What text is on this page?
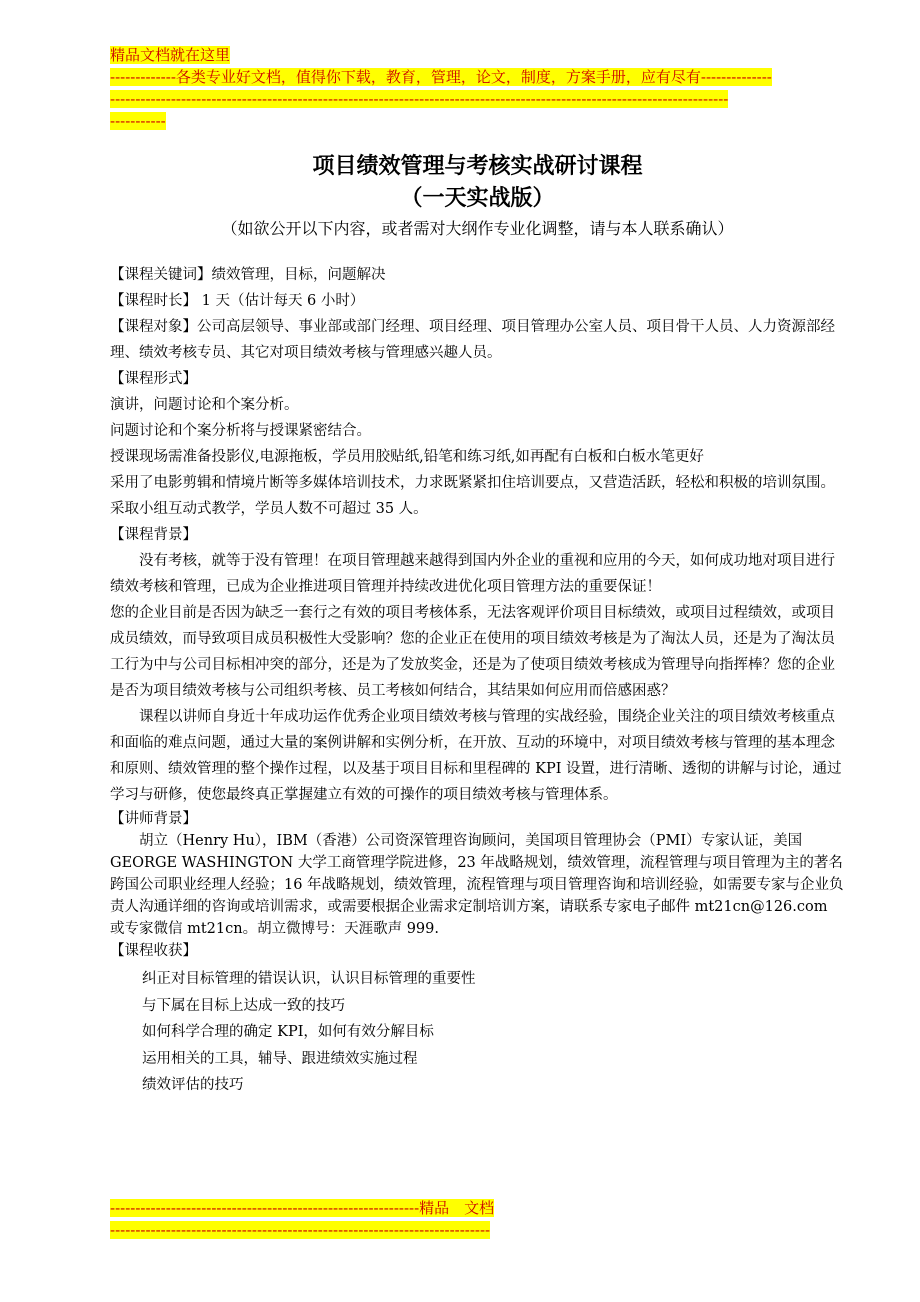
精品文档就在这里
-------------各类专业好文档，值得你下载，教育，管理，论文，制度，方案手册，应有尽有--------------
--------------------------------------------------------------------------------------------------------------------------
-----------
项目绩效管理与考核实战研讨课程
（一天实战版）
（如欲公开以下内容，或者需对大纲作专业化调整，请与本人联系确认）

【课程关键词】绩效管理，目标，问题解决

【课程时长】 1 天（估计每天 6 小时）

【课程对象】公司高层领导、事业部或部门经理、项目经理、项目管理办公室人员、项目骨干人员、人力资源部经理、绩效考核专员、其它对项目绩效考核与管理感兴趣人员。

【课程形式】

演讲，问题讨论和个案分析。

问题讨论和个案分析将与授课紧密结合。

授课现场需准备投影仪,电源拖板，学员用胶贴纸,铅笔和练习纸,如再配有白板和白板水笔更好

采用了电影剪辑和情境片断等多媒体培训技术，力求既紧紧扣住培训要点，又营造活跃，轻松和积极的培训氛围。

采取小组互动式教学，学员人数不可超过 35 人。

【课程背景】

没有考核，就等于没有管理！在项目管理越来越得到国内外企业的重视和应用的今天，如何成功地对项目进行绩效考核和管理，已成为企业推进项目管理并持续改进优化项目管理方法的重要保证！

您的企业目前是否因为缺乏一套行之有效的项目考核体系，无法客观评价项目目标绩效，或项目过程绩效，或项目成员绩效，而导致项目成员积极性大受影响？您的企业正在使用的项目绩效考核是为了淘汰人员，还是为了淘汰员工行为中与公司目标相冲突的部分，还是为了发放奖金，还是为了使项目绩效考核成为管理导向指挥棒？您的企业是否为项目绩效考核与公司组织考核、员工考核如何结合，其结果如何应用而倍感困惑？

课程以讲师自身近十年成功运作优秀企业项目绩效考核与管理的实战经验，围绕企业关注的项目绩效考核重点和面临的难点问题，通过大量的案例讲解和实例分析，在开放、互动的环境中，对项目绩效考核与管理的基本理念和原则、绩效管理的整个操作过程，以及基于项目目标和里程碑的 KPI 设置，进行清晰、透彻的讲解与讨论，通过学习与研修，使您最终真正掌握建立有效的可操作的项目绩效考核与管理体系。

【讲师背景】

胡立（Henry Hu），IBM（香港）公司资深管理咨询顾问，美国项目管理协会（PMI）专家认证，美国 GEORGE WASHINGTON 大学工商管理学院进修，23 年战略规划，绩效管理，流程管理与项目管理为主的著名跨国公司职业经理人经验；16 年战略规划，绩效管理，流程管理与项目管理咨询和培训经验，如需要专家与企业负责人沟通详细的咨询或培训需求，或需要根据企业需求定制培训方案，请联系专家电子邮件 mt21cn@126.com 或专家微信 mt21cn。胡立微博号：天涯歌声 999.

【课程收获】

纠正对目标管理的错误认识，认识目标管理的重要性

与下属在目标上达成一致的技巧

如何科学合理的确定 KPI，如何有效分解目标

运用相关的工具，辅导、跟进绩效实施过程

绩效评估的技巧

-------------------------------------------------------------精品　文档
---------------------------------------------------------------------------
